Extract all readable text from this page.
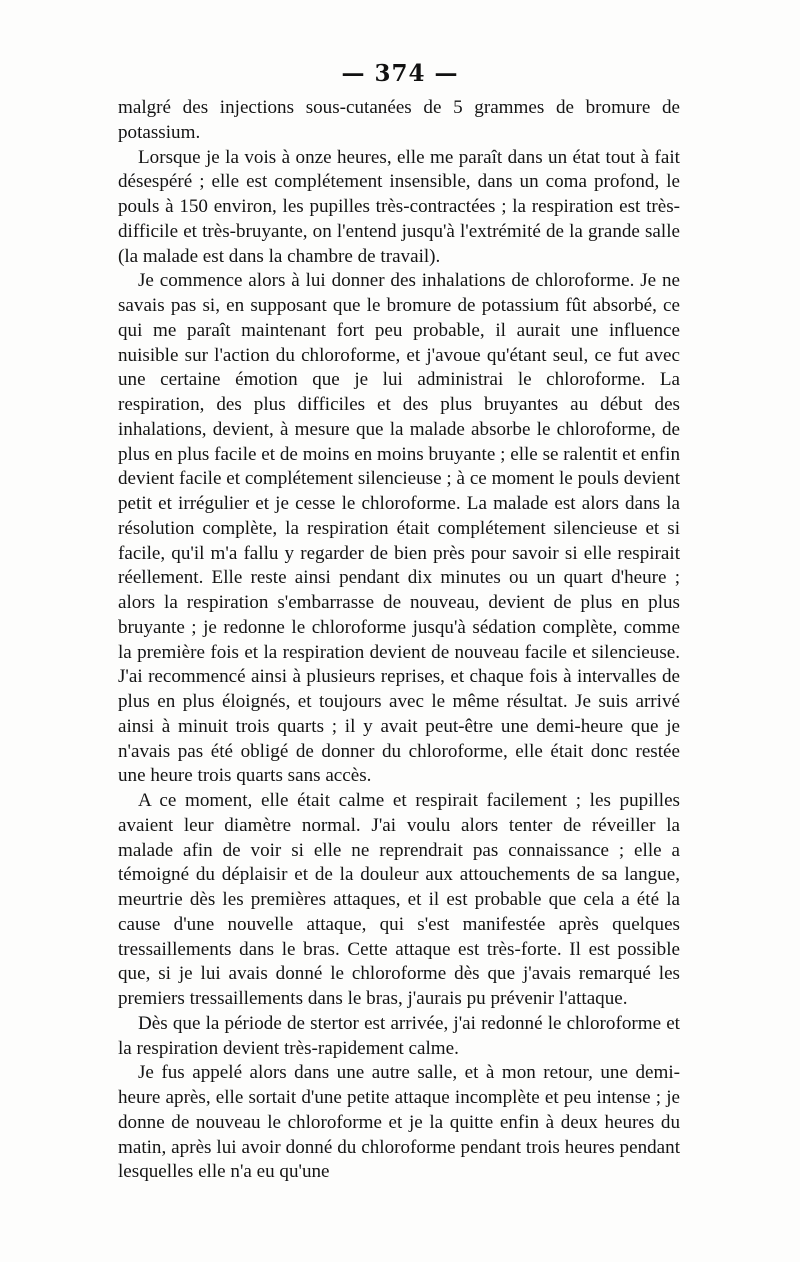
— 374 —

malgré des injections sous-cutanées de 5 grammes de bromure de potassium.

Lorsque je la vois à onze heures, elle me paraît dans un état tout à fait désespéré ; elle est complétement insensible, dans un coma profond, le pouls à 150 environ, les pupilles très-contractées ; la respiration est très-difficile et très-bruyante, on l'entend jusqu'à l'extrémité de la grande salle (la malade est dans la chambre de travail).

Je commence alors à lui donner des inhalations de chloroforme. Je ne savais pas si, en supposant que le bromure de potassium fût absorbé, ce qui me paraît maintenant fort peu probable, il aurait une influence nuisible sur l'action du chloroforme, et j'avoue qu'étant seul, ce fut avec une certaine émotion que je lui administrai le chloroforme. La respiration, des plus difficiles et des plus bruyantes au début des inhalations, devient, à mesure que la malade absorbe le chloroforme, de plus en plus facile et de moins en moins bruyante ; elle se ralentit et enfin devient facile et complétement silencieuse ; à ce moment le pouls devient petit et irrégulier et je cesse le chloroforme. La malade est alors dans la résolution complète, la respiration était complétement silencieuse et si facile, qu'il m'a fallu y regarder de bien près pour savoir si elle respirait réellement. Elle reste ainsi pendant dix minutes ou un quart d'heure ; alors la respiration s'embarrasse de nouveau, devient de plus en plus bruyante ; je redonne le chloroforme jusqu'à sédation complète, comme la première fois et la respiration devient de nouveau facile et silencieuse. J'ai recommencé ainsi à plusieurs reprises, et chaque fois à intervalles de plus en plus éloignés, et toujours avec le même résultat. Je suis arrivé ainsi à minuit trois quarts ; il y avait peut-être une demi-heure que je n'avais pas été obligé de donner du chloroforme, elle était donc restée une heure trois quarts sans accès.

A ce moment, elle était calme et respirait facilement ; les pupilles avaient leur diamètre normal. J'ai voulu alors tenter de réveiller la malade afin de voir si elle ne reprendrait pas connaissance ; elle a témoigné du déplaisir et de la douleur aux attouchements de sa langue, meurtrie dès les premières attaques, et il est probable que cela a été la cause d'une nouvelle attaque, qui s'est manifestée après quelques tressaillements dans le bras. Cette attaque est très-forte. Il est possible que, si je lui avais donné le chloroforme dès que j'avais remarqué les premiers tressaillements dans le bras, j'aurais pu prévenir l'attaque.

Dès que la période de stertor est arrivée, j'ai redonné le chloroforme et la respiration devient très-rapidement calme.

Je fus appelé alors dans une autre salle, et à mon retour, une demi-heure après, elle sortait d'une petite attaque incomplète et peu intense ; je donne de nouveau le chloroforme et je la quitte enfin à deux heures du matin, après lui avoir donné du chloroforme pendant trois heures pendant lesquelles elle n'a eu qu'une
